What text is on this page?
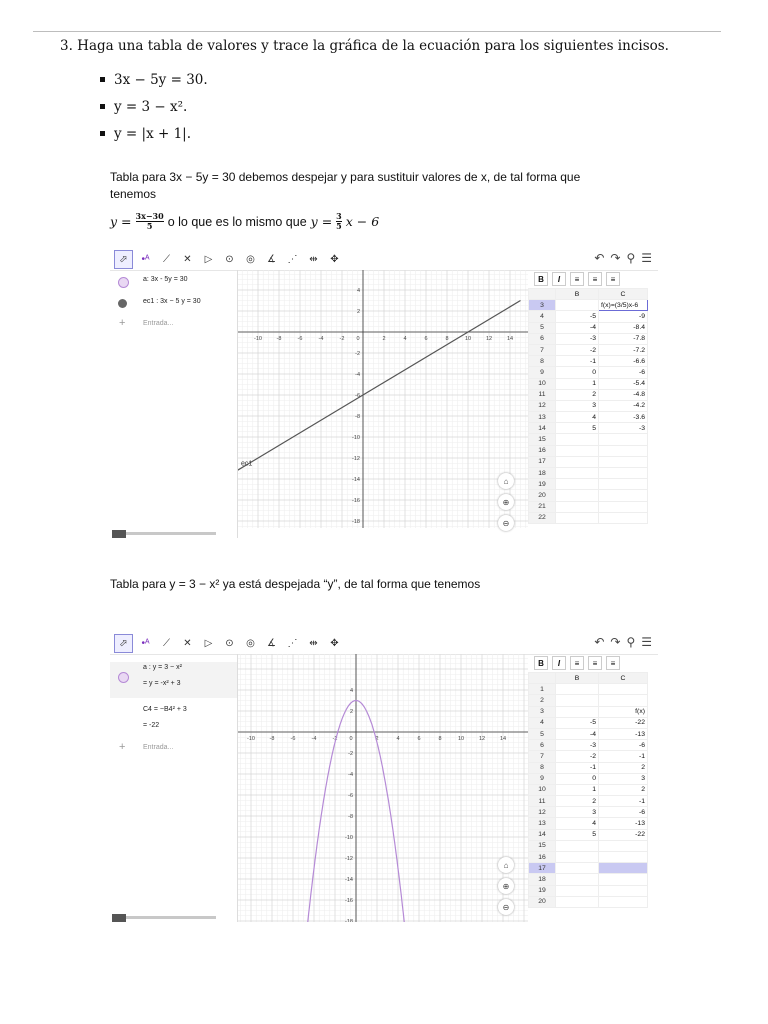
3. Haga una tabla de valores y trace la gráfica de la ecuación para los siguientes incisos.
3x − 5y = 30.
y = 3 − x².
y = |x + 1|.
Tabla para 3x − 5y = 30 debemos despejar y para sustituir valores de x, de tal forma que
tenemos
$y = \frac{3x-30}{5}$ o lo que es lo mismo que $y = \frac{3}{5}$ x − 6
⬀	•ᴬ	⟋	✕	▷	⊙	◎	∡	⋰	⇹	✥	↶ ↷ ⚲ ☰
a: 3x - 5y = 30
ec1 : 3x − 5 y = 30
+	Entrada...
-10	-8	-6	-4	-2	2	4	6	8	10	12	14
0
4
2
-2
-4
-6
-8
-10
-12
-14
-16
-18
ec1
⌂
⊕
⊖
B	I	≡	≡	≡
	B	C
3		f(x)=(3/5)x-6
4	-5	-9
5	-4	-8.4
6	-3	-7.8
7	-2	-7.2
8	-1	-6.6
9	0	-6
10	1	-5.4
11	2	-4.8
12	3	-4.2
13	4	-3.6
14	5	-3
15		
16		
17		
18		
19		
20		
21		
22		
Tabla para y = 3 − x² ya está despejada “y”, de tal forma que tenemos
⬀	•ᴬ	⟋	✕	▷	⊙	◎	∡	⋰	⇹	✥	↶ ↷ ⚲ ☰
a : y = 3 − x²
= y = -x² + 3
C4 = −B4² + 3
= -22
+	Entrada...
-10	-8	-6	-4	-2	2	4	6	8	10	12	14
0
4
2
-2
-4
-6
-8
-10
-12
-14
-16
-18
⌂
⊕
⊖
B	I	≡	≡	≡
	B	C
1		
2		
3		f(x)
4	-5	-22
5	-4	-13
6	-3	-6
7	-2	-1
8	-1	2
9	0	3
10	1	2
11	2	-1
12	3	-6
13	4	-13
14	5	-22
15		
16		
17		
18		
19		
20		
